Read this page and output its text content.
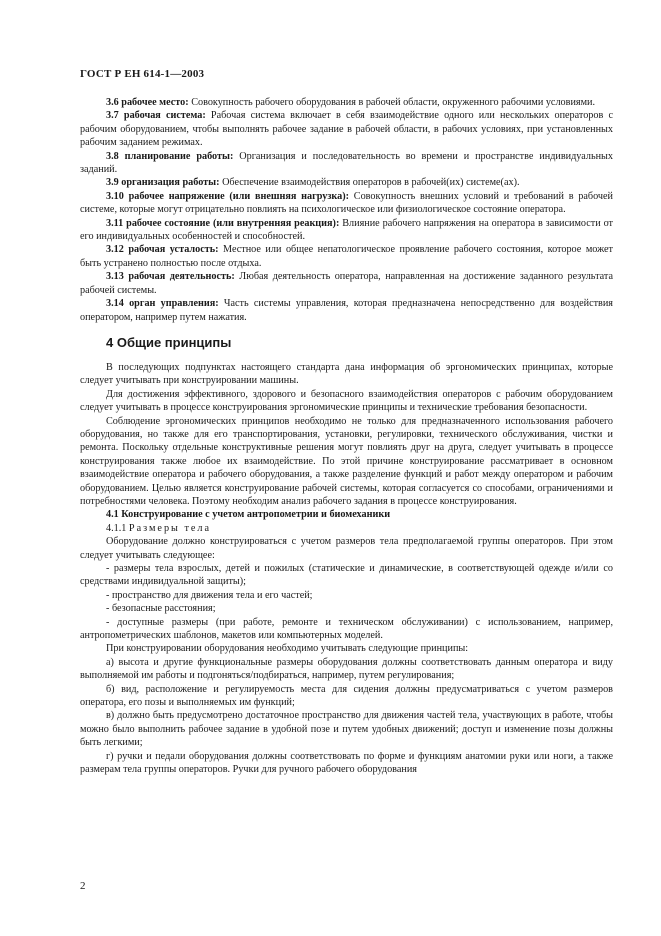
ГОСТ Р ЕН 614-1—2003

3.6 рабочее место: Совокупность рабочего оборудования в рабочей области, окруженного рабочими условиями.

3.7 рабочая система: Рабочая система включает в себя взаимодействие одного или нескольких операторов с рабочим оборудованием, чтобы выполнять рабочее задание в рабочей области, в рабочих условиях, при установленных рабочим заданием режимах.

3.8 планирование работы: Организация и последовательность во времени и пространстве индивидуальных заданий.

3.9 организация работы: Обеспечение взаимодействия операторов в рабочей(их) системе(ах).

3.10 рабочее напряжение (или внешняя нагрузка): Совокупность внешних условий и требований в рабочей системе, которые могут отрицательно повлиять на психологическое или физиологическое состояние оператора.

3.11 рабочее состояние (или внутренняя реакция): Влияние рабочего напряжения на оператора в зависимости от его индивидуальных особенностей и способностей.

3.12 рабочая усталость: Местное или общее непатологическое проявление рабочего состояния, которое может быть устранено полностью после отдыха.

3.13 рабочая деятельность: Любая деятельность оператора, направленная на достижение заданного результата рабочей системы.

3.14 орган управления: Часть системы управления, которая предназначена непосредственно для воздействия оператором, например путем нажатия.

4 Общие принципы

В последующих подпунктах настоящего стандарта дана информация об эргономических принципах, которые следует учитывать при конструировании машины.

Для достижения эффективного, здорового и безопасного взаимодействия операторов с рабочим оборудованием следует учитывать в процессе конструирования эргономические принципы и технические требования безопасности.

Соблюдение эргономических принципов необходимо не только для предназначенного использования рабочего оборудования, но также для его транспортирования, установки, регулировки, технического обслуживания, чистки и ремонта. Поскольку отдельные конструктивные решения могут повлиять друг на друга, следует учитывать в процессе конструирования также любое их взаимодействие. По этой причине конструирование рассматривает в основном взаимодействие оператора и рабочего оборудования, а также разделение функций и работ между оператором и рабочим оборудованием. Целью является конструирование рабочей системы, которая согласуется со способами, ограничениями и потребностями человека. Поэтому необходим анализ рабочего задания в процессе конструирования.

4.1 Конструирование с учетом антропометрии и биомеханики

4.1.1 Размеры тела

Оборудование должно конструироваться с учетом размеров тела предполагаемой группы операторов. При этом следует учитывать следующее:

- размеры тела взрослых, детей и пожилых (статические и динамические, в соответствующей одежде и/или со средствами индивидуальной защиты);

- пространство для движения тела и его частей;

- безопасные расстояния;

- доступные размеры (при работе, ремонте и техническом обслуживании) с использованием, например, антропометрических шаблонов, макетов или компьютерных моделей.

При конструировании оборудования необходимо учитывать следующие принципы:

а) высота и другие функциональные размеры оборудования должны соответствовать данным оператора и виду выполняемой им работы и подгоняться/подбираться, например, путем регулирования;

б) вид, расположение и регулируемость места для сидения должны предусматриваться с учетом размеров оператора, его позы и выполняемых им функций;

в) должно быть предусмотрено достаточное пространство для движения частей тела, участвующих в работе, чтобы можно было выполнить рабочее задание в удобной позе и путем удобных движений; доступ и изменение позы должны быть легкими;

г) ручки и педали оборудования должны соответствовать по форме и функциям анатомии руки или ноги, а также размерам тела группы операторов. Ручки для ручного рабочего оборудования

2
